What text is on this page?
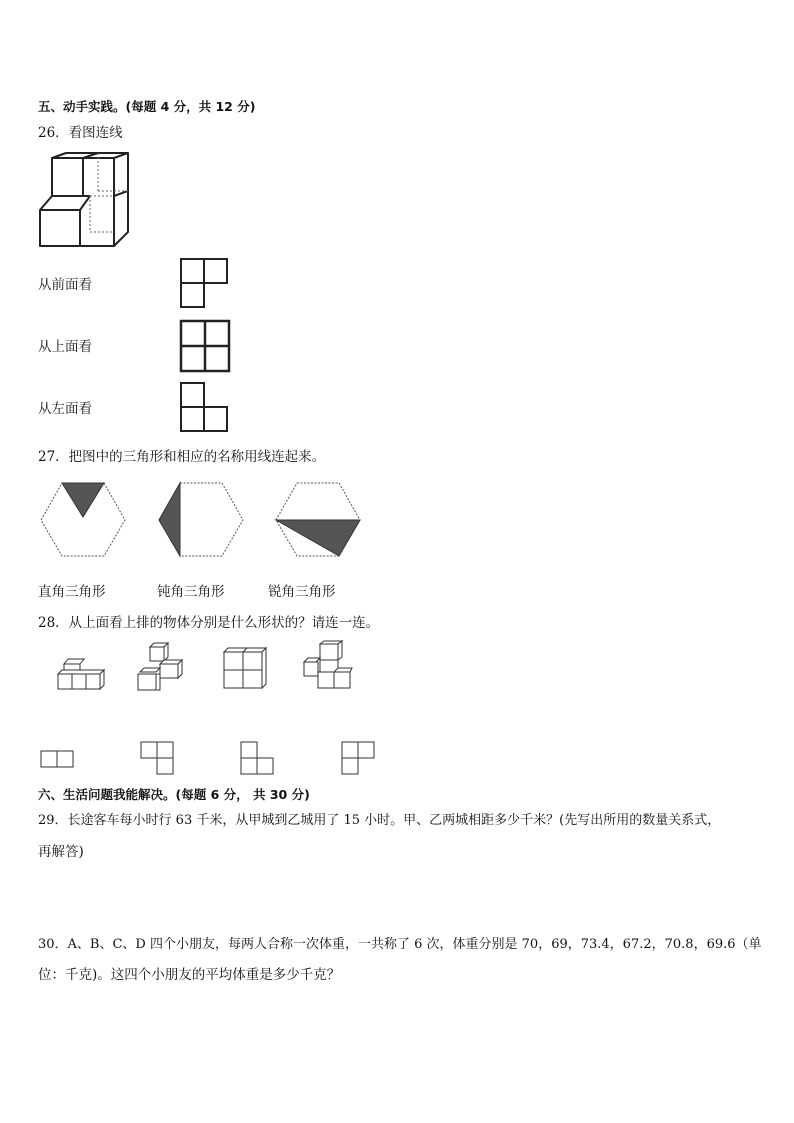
五、动手实践。(每题 4 分，共 12 分)
26．看图连线
从前面看
从上面看
从左面看
27．把图中的三角形和相应的名称用线连起来。
直角三角形	钝角三角形	锐角三角形
28．从上面看上排的物体分别是什么形状的？请连一连。
六、生活问题我能解决。(每题 6 分， 共 30 分)
29．长途客车每小时行 63 千米，从甲城到乙城用了 15 小时。甲、乙两城相距多少千米？(先写出所用的数量关系式，
再解答)
30．A、B、C、D 四个小朋友，每两人合称一次体重，一共称了 6 次，体重分别是 70，69，73.4，67.2，70.8，69.6（单
位：千克)。这四个小朋友的平均体重是多少千克？
